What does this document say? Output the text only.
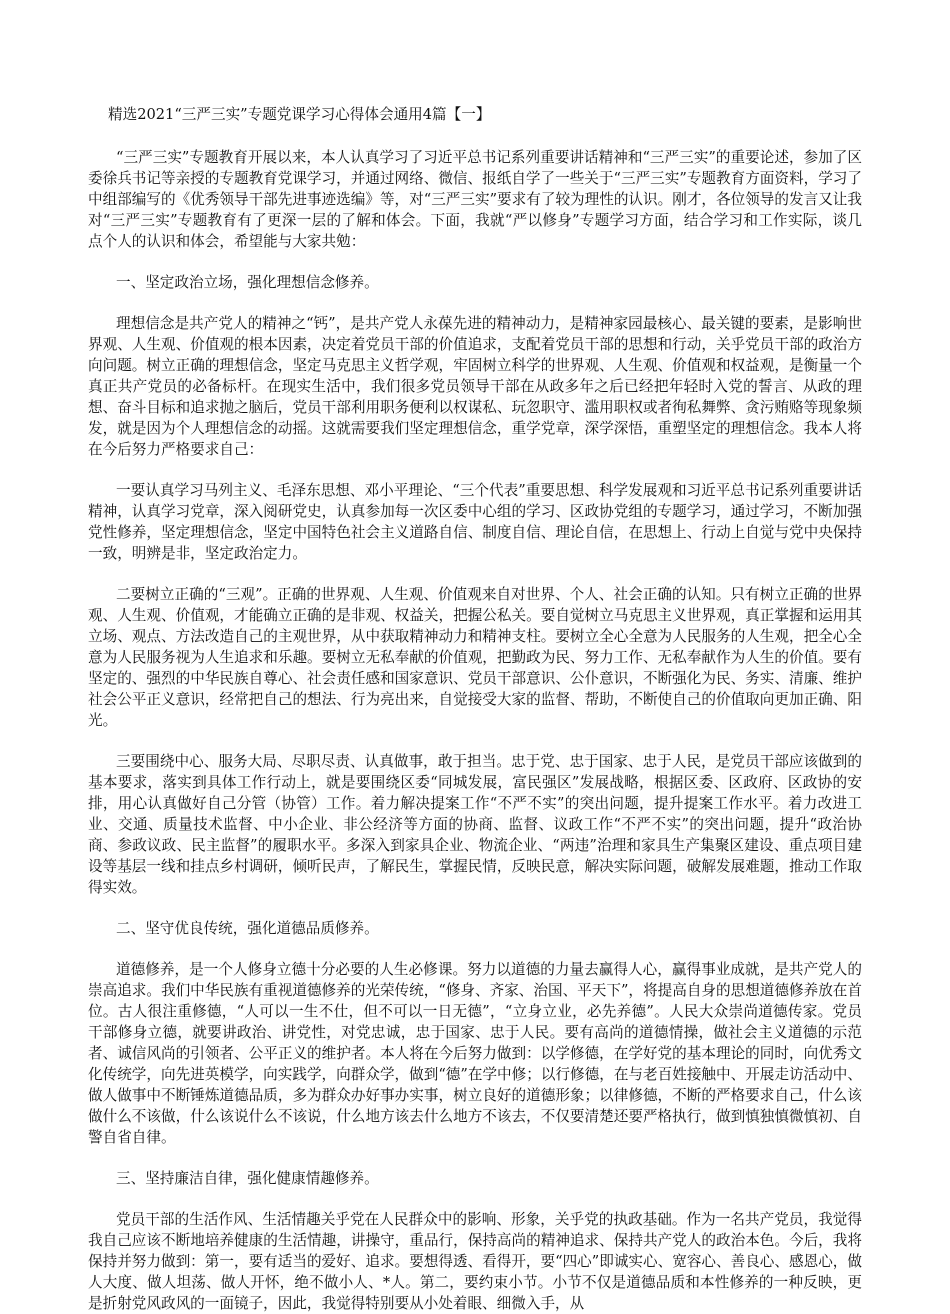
精选2021“三严三实”专题党课学习心得体会通用4篇【一】

“三严三实”专题教育开展以来，本人认真学习了习近平总书记系列重要讲话精神和“三严三实”的重要论述，参加了区委徐兵书记等亲授的专题教育党课学习，并通过网络、微信、报纸自学了一些关于“三严三实”专题教育方面资料，学习了中组部编写的《优秀领导干部先进事迹选编》等，对“三严三实”要求有了较为理性的认识。刚才，各位领导的发言又让我对“三严三实”专题教育有了更深一层的了解和体会。下面，我就“严以修身”专题学习方面，结合学习和工作实际，谈几点个人的认识和体会，希望能与大家共勉：

一、坚定政治立场，强化理想信念修养。

理想信念是共产党人的精神之“钙”，是共产党人永葆先进的精神动力，是精神家园最核心、最关键的要素，是影响世界观、人生观、价值观的根本因素，决定着党员干部的价值追求，支配着党员干部的思想和行动，关乎党员干部的政治方向问题。树立正确的理想信念，坚定马克思主义哲学观，牢固树立科学的世界观、人生观、价值观和权益观，是衡量一个真正共产党员的必备标杆。在现实生活中，我们很多党员领导干部在从政多年之后已经把年轻时入党的誓言、从政的理想、奋斗目标和追求抛之脑后，党员干部利用职务便利以权谋私、玩忽职守、滥用职权或者徇私舞弊、贪污贿赂等现象频发，就是因为个人理想信念的动摇。这就需要我们坚定理想信念，重学党章，深学深悟，重塑坚定的理想信念。我本人将在今后努力严格要求自己：

一要认真学习马列主义、毛泽东思想、邓小平理论、“三个代表”重要思想、科学发展观和习近平总书记系列重要讲话精神，认真学习党章，深入阅研党史，认真参加每一次区委中心组的学习、区政协党组的专题学习，通过学习，不断加强党性修养，坚定理想信念，坚定中国特色社会主义道路自信、制度自信、理论自信，在思想上、行动上自觉与党中央保持一致，明辨是非，坚定政治定力。

二要树立正确的“三观”。正确的世界观、人生观、价值观来自对世界、个人、社会正确的认知。只有树立正确的世界观、人生观、价值观，才能确立正确的是非观、权益关，把握公私关。要自觉树立马克思主义世界观，真正掌握和运用其立场、观点、方法改造自己的主观世界，从中获取精神动力和精神支柱。要树立全心全意为人民服务的人生观，把全心全意为人民服务视为人生追求和乐趣。要树立无私奉献的价值观，把勤政为民、努力工作、无私奉献作为人生的价值。要有坚定的、强烈的中华民族自尊心、社会责任感和国家意识、党员干部意识、公仆意识，不断强化为民、务实、清廉、维护社会公平正义意识，经常把自己的想法、行为亮出来，自觉接受大家的监督、帮助，不断使自己的价值取向更加正确、阳光。

三要围绕中心、服务大局、尽职尽责、认真做事，敢于担当。忠于党、忠于国家、忠于人民，是党员干部应该做到的基本要求，落实到具体工作行动上，就是要围绕区委“同城发展，富民强区”发展战略，根据区委、区政府、区政协的安排，用心认真做好自己分管（协管）工作。着力解决提案工作“不严不实”的突出问题，提升提案工作水平。着力改进工业、交通、质量技术监督、中小企业、非公经济等方面的协商、监督、议政工作“不严不实”的突出问题，提升“政治协商、参政议政、民主监督”的履职水平。多深入到家具企业、物流企业、“两违”治理和家具生产集聚区建设、重点项目建设等基层一线和挂点乡村调研，倾听民声，了解民生，掌握民情，反映民意，解决实际问题，破解发展难题，推动工作取得实效。

二、坚守优良传统，强化道德品质修养。

道德修养，是一个人修身立德十分必要的人生必修课。努力以道德的力量去赢得人心，赢得事业成就，是共产党人的崇高追求。我们中华民族有重视道德修养的光荣传统，“修身、齐家、治国、平天下”，将提高自身的思想道德修养放在首位。古人很注重修德，“人可以一生不仕，但不可以一日无德”，“立身立业，必先养德”。人民大众崇尚道德传家。党员干部修身立德，就要讲政治、讲党性，对党忠诚，忠于国家、忠于人民。要有高尚的道德情操，做社会主义道德的示范者、诚信风尚的引领者、公平正义的维护者。本人将在今后努力做到：以学修德，在学好党的基本理论的同时，向优秀文化传统学，向先进英模学，向实践学，向群众学，做到“德”在学中修；以行修德，在与老百姓接触中、开展走访活动中、做人做事中不断锤炼道德品质，多为群众办好事办实事，树立良好的道德形象；以律修德，不断的严格要求自己，什么该做什么不该做，什么该说什么不该说，什么地方该去什么地方不该去，不仅要清楚还要严格执行，做到慎独慎微慎初、自警自省自律。

三、坚持廉洁自律，强化健康情趣修养。

党员干部的生活作风、生活情趣关乎党在人民群众中的影响、形象，关乎党的执政基础。作为一名共产党员，我觉得我自己应该不断地培养健康的生活情趣，讲操守，重品行，保持高尚的精神追求、保持共产党人的政治本色。今后，我将保持并努力做到：第一，要有适当的爱好、追求。要想得透、看得开，要“四心”即诚实心、宽容心、善良心、感恩心，做人大度、做人坦荡、做人开怀，绝不做小人、*人。第二，要约束小节。小节不仅是道德品质和本性修养的一种反映，更是折射党风政风的一面镜子，因此，我觉得特别要从小处着眼、细微入手，从
